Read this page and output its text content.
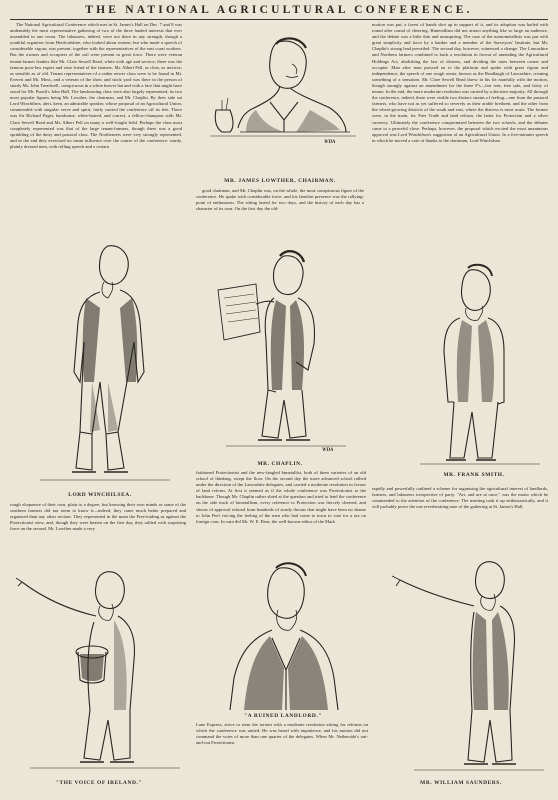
THE NATIONAL AGRICULTURAL CONFERENCE.

The National Agricultural Conference which met in St. James's Hall on Dec. 7 and 8 was undeniably the most representative gathering of two of the three landed interests that ever assembled in one room. The labourers, indeed, were not there in any strength, though a youthful organiser from Hertfordshire, who looked about sixteen, but who made a speech of considerable vigour, was present, together with the representatives of the east coast workers. But the owners and occupiers of the soil were present in great force. There were veteran tenant-farmer leaders like Mr. Clare Sewell Read, white with age and service; there was the famous poor-law expert and wise friend of the farmers, Mr. Albert Pell, as clear, as incisive, as sensible as of old. Tenant representatives of a rather newer class were to be found in Mr. Everett and Mr. Moss, and a veteran of the show and stock yard was there in the person of sturdy Mr. John Treadwell, conspicuous in a white beaver hat and with a face that might have stood for Mr. Punch's John Bull. The landowning class were also largely represented, its two most popular figures being Mr. Lowther, the chairman, and Mr. Chaplin. By their side sat Lord Winchilsea, alert, keen, an admirable speaker, whose proposal of an Agricultural Union, commended with singular verve and spirit, fairly carried the conference off its feet. There was Sir Richard Paget, handsome, white-haired, and correct, a fellow-champion with Mr. Clare Sewell Read and Mr. Albert Pell on many a well-fought field. Perhaps the class most completely represented was that of the large tenant-farmers, though there was a good sprinkling of the dairy and pastoral class. The Northerners were very strongly represented, and in the end they exercised no mean influence over the course of the conference: sturdy, plainly dressed men, with rolling speech and a certain

WDA
MR. JAMES LOWTHER, CHAIRMAN.

good chairman, and Mr. Chaplin was, on the whole, the most conspicuous figure of the conference. He spoke with considerable force, and his familiar presence was the rallying-point of enthusiasm. The sitting lasted for two days, and the history of each day has a character of its own. On the first day the old-

motion was put, a forest of hands shot up in support of it, and its adoption was hailed with round after round of cheering. Bimetallism did not attract anything like so large an audience, and the debate was a little thin and uninspiring. The case of the monometallists was put with great simplicity and force by a banker and a member of the Surveyors' Institute, but Mr. Chaplin's strong lead prevailed. The second day, however, witnessed a change. The Lancashire and Northern farmers combined to back a resolution in favour of amending the Agricultural Holdings Act, abolishing the law of distress, and dividing the rates between owner and occupier. Man after man pressed on to the platform and spoke with great vigour and independence, the speech of one rough orator, known as the Bradlaugh of Lancashire, creating something of a sensation. Mr. Clare Sewell Read threw in his lot manfully with the motion, though strongly against an amendment for the three F's—fair rent, free sale, and fixity of tenure. In the end, the more moderate resolution was carried by a decisive majority. All through the conference, indeed, there were visible two distinct strains of feeling—one from the pastoral farmers, who have not as yet suffered so severely as their arable brethren, and the other from the wheat-growing districts of the south and east, where the distress is most acute. The former were, in the main, for Free Trade and land reform, the latter for Protection and a silver currency. Ultimately the conference compromised between the two schools, and the debates came to a peaceful close. Perhaps, however, the proposal which excited the most unanimous approval was Lord Winchilsea's suggestion of an Agricultural Union. In a five-minutes speech in which he moved a vote of thanks to the chairman, Lord Winchilsea

LORD WINCHILSEA.
WDA
MR. CHAPLIN.
MR. FRANK SMITH.

rough eloquence of their own, plain to a degree, but knowing their own minds as some of the southern farmers did not seem to know it—indeed, they came much better prepared and organised than any other section. They represented in the main the Free-trading as against the Protectionist view, and, though they were beaten on the first day, they rallied with surprising force on the second. Mr. Lowther made a very

fashioned Protectionist and the new-fangled bimetallist, both of them varieties of an old school of thinking, swept the floor. On the second day the more advanced school rallied under the direction of the Lancashire delegates, and carried a moderate resolution in favour of land reform. At first it seemed as if the whole conference was Protectionist to the backbone. Though Mr. Chaplin rather shied at the question and tried to lend the conference on the side track of bimetallism, every reference to Protection was fiercely cheered, and shouts of approval echoed from hundreds of sturdy throats that might have been no shame to John Peel voicing the feeling of the men who had come to town to vote for a tax on foreign corn. In vain did Mr. W. E. Bear, the well-known editor of the Mark

rapidly and powerfully outlined a scheme for organising the agricultural interest of landlords, farmers, and labourers irrespective of party. "Art, and are at once," was the motto which he commended to the attention of the conference. The meeting took it up enthusiastically, and it will probably prove the one reverberating note of the gathering at St. James's Hall.

"THE VOICE OF IRELAND."
"A RUINED LANDLORD."

Lane Express, strive to stem the torrent with a moderate resolution asking for reforms on which the conference was united. He was heard with impatience, and his motion did not command the votes of more than one quarter of the delegates. When Mr. Netherside's out-and-out Protectionist

MR. WILLIAM SAUNDERS.
